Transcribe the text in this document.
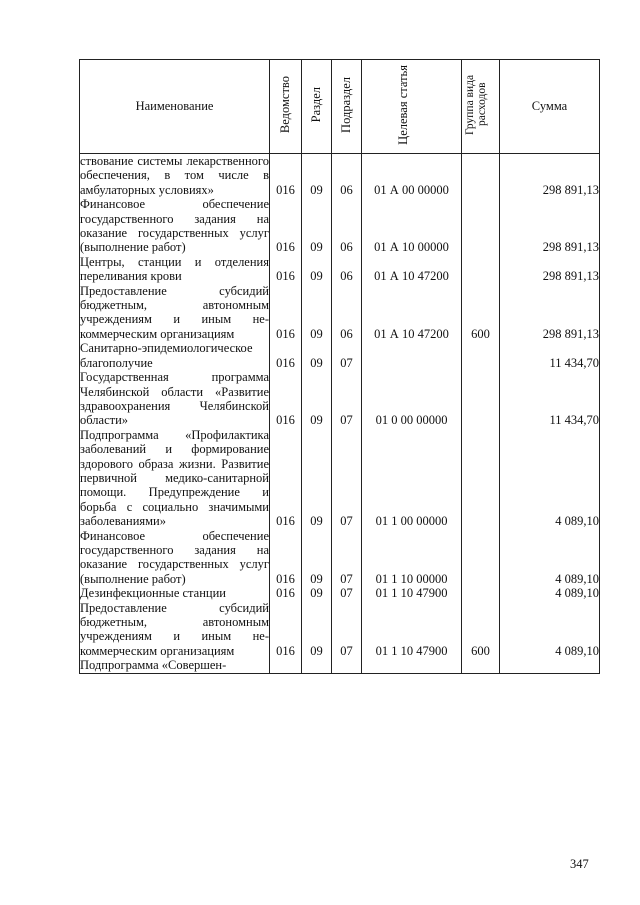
Наименование	Ведомство	Раздел	Подраздел	Целевая статья	Группа вида расходов	Сумма
ствование системы лекарственного обеспечения, в том числе в амбулаторных условиях»	016	09	06	01 А 00 00000		298 891,13
Финансовое обеспечение государственного задания на оказание государственных услуг (выполнение работ)	016	09	06	01 А 10 00000		298 891,13
Центры, станции и отделения переливания крови	016	09	06	01 А 10 47200		298 891,13
Предоставление субсидий бюджетным, автономным учреждениям и иным некоммерческим организациям	016	09	06	01 А 10 47200	600	298 891,13
Санитарно-эпидемиологическое благополучие	016	09	07			11 434,70
Государственная программа Челябинской области «Развитие здравоохранения Челябинской области»	016	09	07	01 0 00 00000		11 434,70
Подпрограмма «Профилактика заболеваний и формирование здорового образа жизни. Развитие первичной медико-санитарной помощи. Предупреждение и борьба с социально значимыми заболеваниями»	016	09	07	01 1 00 00000		4 089,10
Финансовое обеспечение государственного задания на оказание государственных услуг (выполнение работ)	016	09	07	01 1 10 00000		4 089,10
Дезинфекционные станции	016	09	07	01 1 10 47900		4 089,10
Предоставление субсидий бюджетным, автономным учреждениям и иным некоммерческим организациям	016	09	07	01 1 10 47900	600	4 089,10
Подпрограмма «Совершен-						
347
